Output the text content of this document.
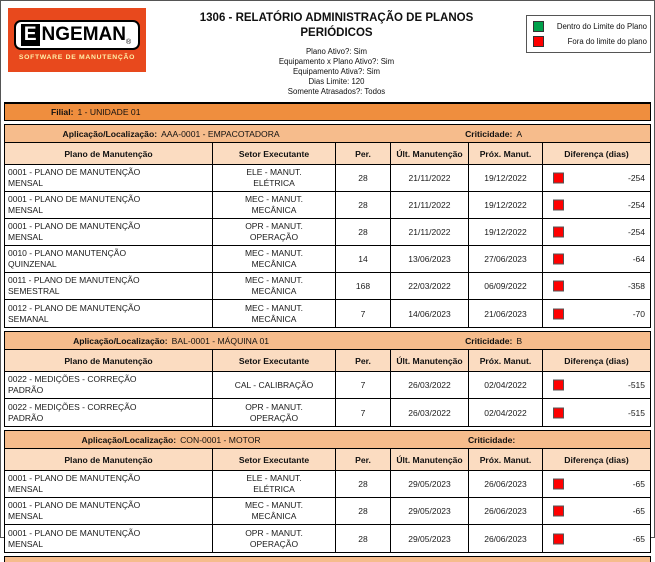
E NGEMAN ®
SOFTWARE DE MANUTENÇÃO
1306 - RELATÓRIO ADMINISTRAÇÃO DE PLANOS
PERIÓDICOS
Plano Ativo?: Sim
Equipamento x Plano Ativo?: Sim
Equipamento Ativa?: Sim
Dias Limite: 120
Somente Atrasados?: Todos
Dentro do Limite do Plano
Fora do limite do plano
Filial: 1 - UNIDADE 01
Aplicação/Localização: AAA-0001 - EMPACOTADORA	Criticidade: A
Plano de Manutenção	Setor Executante	Per.	Últ. Manutenção	Próx. Manut.	Diferença (dias)
0001 - PLANO DE MANUTENÇÃO
MENSAL
ELE - MANUT.
ELÉTRICA	28	21/11/2022	19/12/2022	-254
0001 - PLANO DE MANUTENÇÃO
MENSAL
MEC - MANUT.
MECÂNICA	28	21/11/2022	19/12/2022	-254
0001 - PLANO DE MANUTENÇÃO
MENSAL
OPR - MANUT.
OPERAÇÃO	28	21/11/2022	19/12/2022	-254
0010 - PLANO MANUTENÇÃO
QUINZENAL
MEC - MANUT.
MECÂNICA	14	13/06/2023	27/06/2023	-64
0011 - PLANO DE MANUTENÇÃO
SEMESTRAL
MEC - MANUT.
MECÂNICA	168	22/03/2022	06/09/2022	-358
0012 - PLANO DE MANUTENÇÃO
SEMANAL
MEC - MANUT.
MECÂNICA	7	14/06/2023	21/06/2023	-70
Aplicação/Localização: BAL-0001 - MÁQUINA 01	Criticidade: B
Plano de Manutenção	Setor Executante	Per.	Últ. Manutenção	Próx. Manut.	Diferença (dias)
0022 - MEDIÇÕES - CORREÇÃO
PADRÃO
CAL - CALIBRAÇÃO	7	26/03/2022	02/04/2022	-515
0022 - MEDIÇÕES - CORREÇÃO
PADRÃO
OPR - MANUT.
OPERAÇÃO	7	26/03/2022	02/04/2022	-515
Aplicação/Localização: CON-0001 - MOTOR	Criticidade:
Plano de Manutenção	Setor Executante	Per.	Últ. Manutenção	Próx. Manut.	Diferença (dias)
0001 - PLANO DE MANUTENÇÃO
MENSAL
ELE - MANUT.
ELÉTRICA	28	29/05/2023	26/06/2023	-65
0001 - PLANO DE MANUTENÇÃO
MENSAL
MEC - MANUT.
MECÂNICA	28	29/05/2023	26/06/2023	-65
0001 - PLANO DE MANUTENÇÃO
MENSAL
OPR - MANUT.
OPERAÇÃO	28	29/05/2023	26/06/2023	-65
